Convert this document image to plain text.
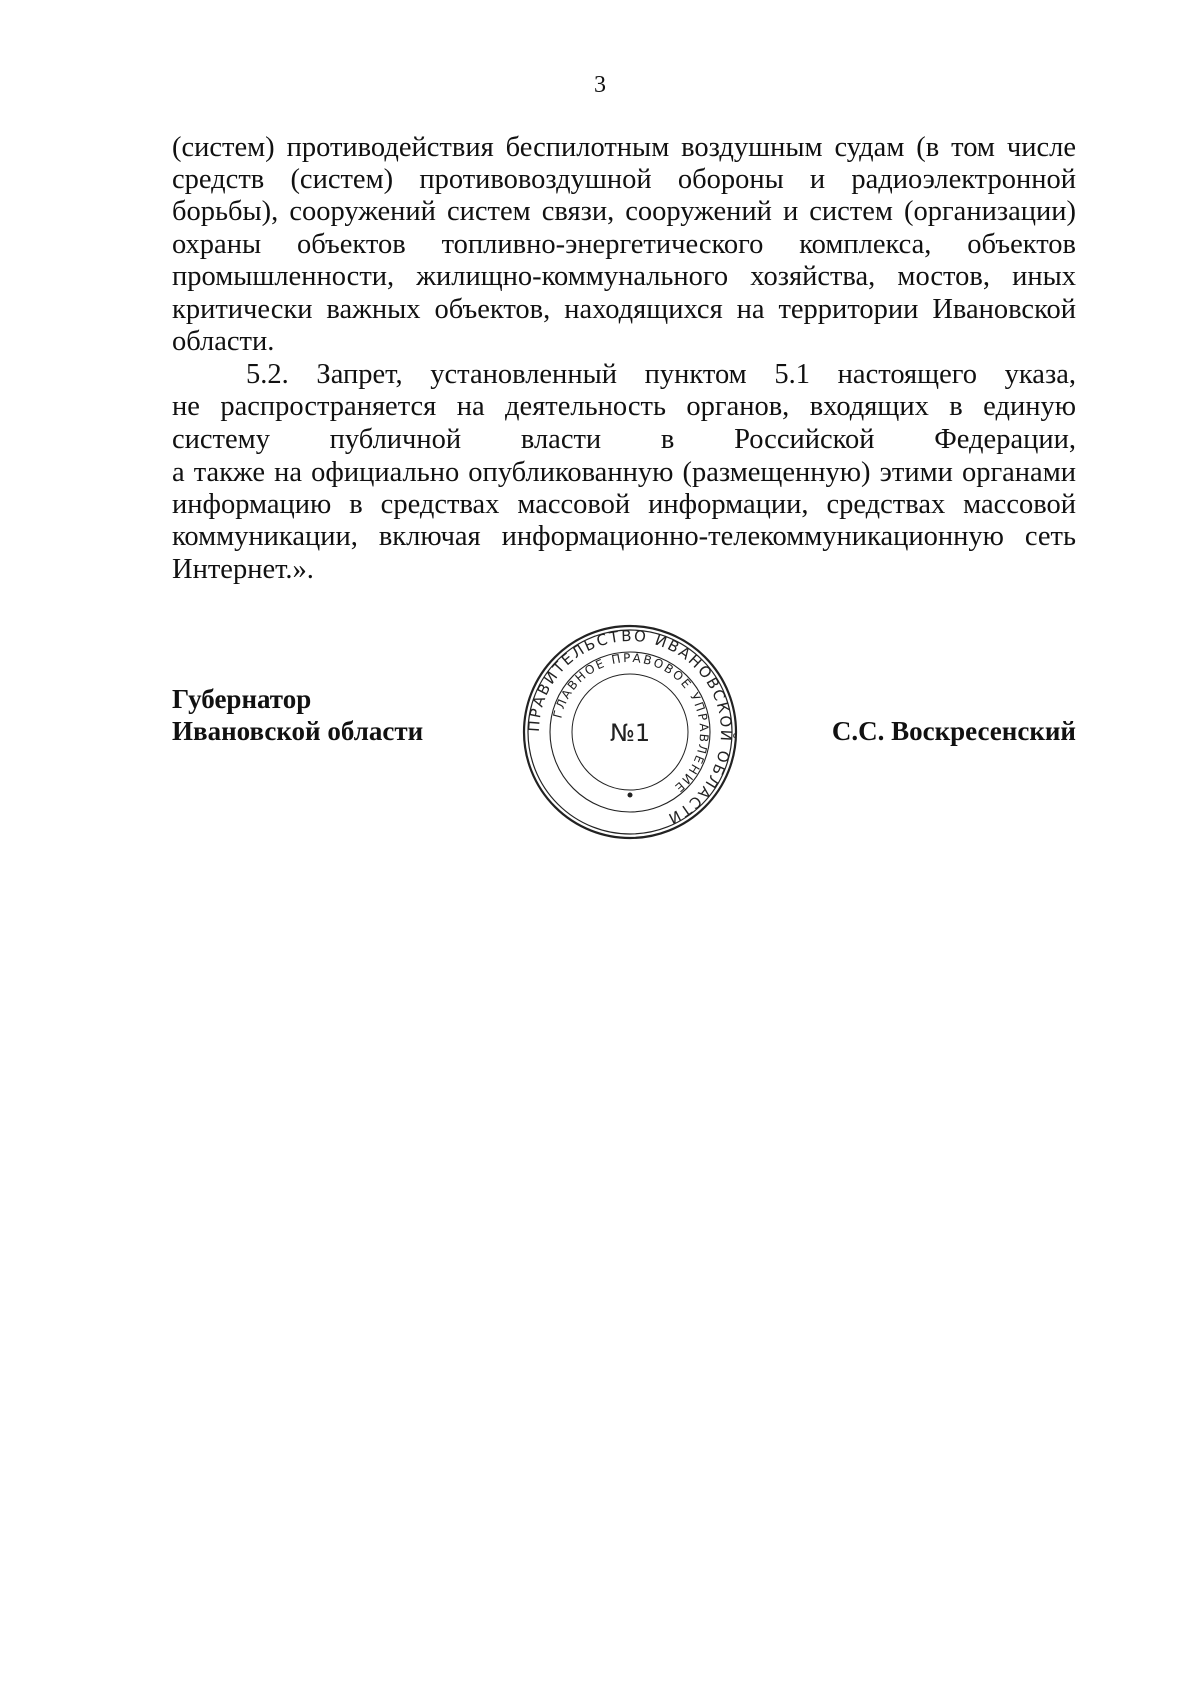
3
(систем) противодействия беспилотным воздушным судам (в том числе
средств (систем) противовоздушной обороны и радиоэлектронной
борьбы), сооружений систем связи, сооружений и систем (организации)
охраны объектов топливно-энергетического комплекса, объектов
промышленности, жилищно-коммунального хозяйства, мостов, иных
критически важных объектов, находящихся на территории Ивановской
области.
5.2. Запрет, установленный пунктом 5.1 настоящего указа,
не распространяется на деятельность органов, входящих в единую
систему публичной власти в Российской Федерации,
а также на официально опубликованную (размещенную) этими органами
информацию в средствах массовой информации, средствах массовой
коммуникации, включая информационно-телекоммуникационную сеть
Интернет.».
Губернатор
Ивановской области	С.С. Воскресенский
ПРАВИТЕЛЬСТВО ИВАНОВСКОЙ ОБЛАСТИ
ГЛАВНОЕ ПРАВОВОЕ УПРАВЛЕНИЕ
№1
